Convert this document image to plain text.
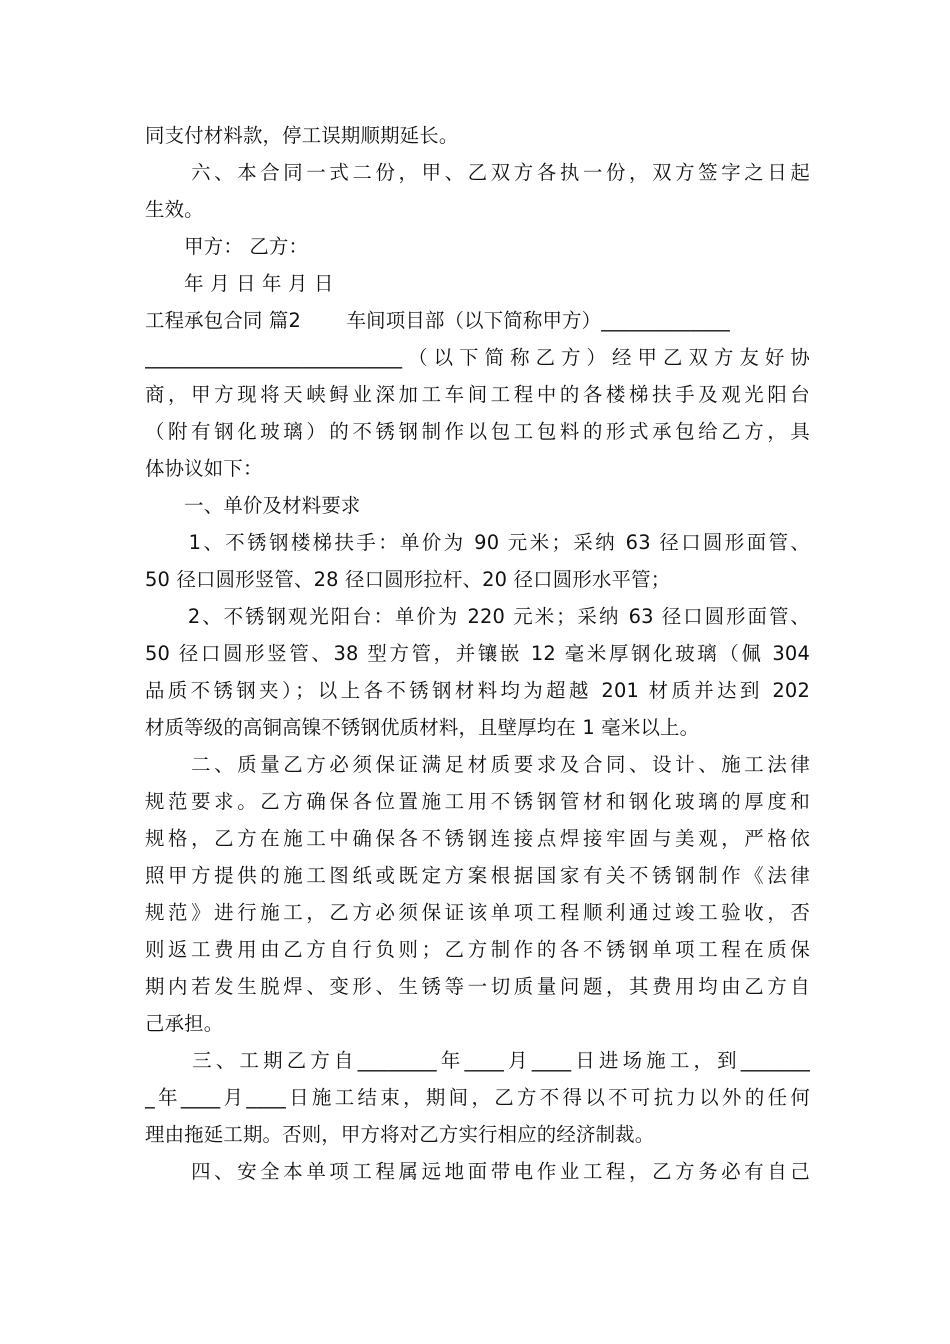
同支付材料款，停工误期顺期延长。
　　六、本合同一式二份，甲、乙双方各执一份，双方签字之日起
生效。
　　甲方： 乙方：
　　年 月 日 年 月 日
工程承包合同 篇2　　 车间项目部（以下简称甲方）_____________
__________________________（以下简称乙方）经甲乙双方友好协
商，甲方现将天峡鲟业深加工车间工程中的各楼梯扶手及观光阳台
（附有钢化玻璃）的不锈钢制作以包工包料的形式承包给乙方，具
体协议如下：
　　一、单价及材料要求
　　1、不锈钢楼梯扶手：单价为 90 元米；采纳 63 径口圆形面管、
50 径口圆形竖管、28 径口圆形拉杆、20 径口圆形水平管；
　　2、不锈钢观光阳台：单价为 220 元米；采纳 63 径口圆形面管、
50 径口圆形竖管、38 型方管，并镶嵌 12 毫米厚钢化玻璃（佩 304
品质不锈钢夹）；以上各不锈钢材料均为超越 201 材质并达到 202
材质等级的高铜高镍不锈钢优质材料，且壁厚均在 1 毫米以上。
　　二、质量乙方必须保证满足材质要求及合同、设计、施工法律
规范要求。乙方确保各位置施工用不锈钢管材和钢化玻璃的厚度和
规格，乙方在施工中确保各不锈钢连接点焊接牢固与美观，严格依
照甲方提供的施工图纸或既定方案根据国家有关不锈钢制作《法律
规范》进行施工，乙方必须保证该单项工程顺利通过竣工验收，否
则返工费用由乙方自行负则；乙方制作的各不锈钢单项工程在质保
期内若发生脱焊、变形、生锈等一切质量问题，其费用均由乙方自
己承担。
　　三、工期乙方自________年____月____日进场施工，到_______
_年____月____日施工结束，期间，乙方不得以不可抗力以外的任何
理由拖延工期。否则，甲方将对乙方实行相应的经济制裁。
　　四、安全本单项工程属远地面带电作业工程，乙方务必有自己
